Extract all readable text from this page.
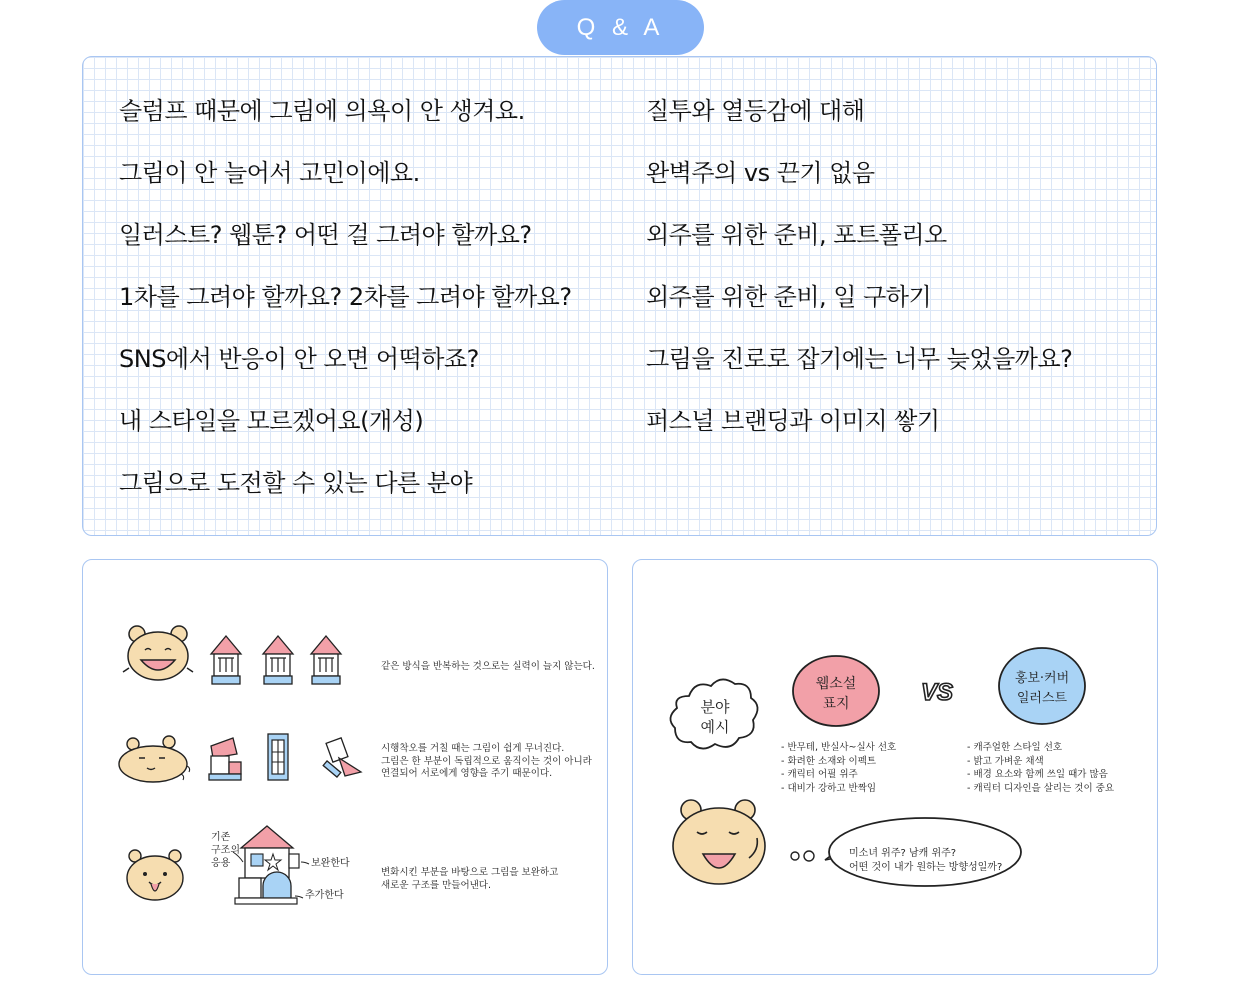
Q & A
슬럼프 때문에 그림에 의욕이 안 생겨요.
그림이 안 늘어서 고민이에요.
일러스트? 웹툰? 어떤 걸 그려야 할까요?
1차를 그려야 할까요? 2차를 그려야 할까요?
SNS에서 반응이 안 오면 어떡하죠?
내 스타일을 모르겠어요(개성)
그림으로 도전할 수 있는 다른 분야
질투와 열등감에 대해
완벽주의 vs 끈기 없음
외주를 위한 준비, 포트폴리오
외주를 위한 준비, 일 구하기
그림을 진로로 잡기에는 너무 늦었을까요?
퍼스널 브랜딩과 이미지 쌓기
같은 방식을 반복하는 것으로는 실력이 늘지 않는다.
시행착오를 거칠 때는 그림이 쉽게 무너진다.
그림은 한 부분이 독립적으로 움직이는 것이 아니라
연결되어 서로에게 영향을 주기 때문이다.
기존
구조의
응용	보완한다
추가한다
변화시킨 부분을 바탕으로 그림을 보완하고
새로운 구조를 만들어낸다.
분야
예시
웹소설
표지	VS
홍보·커버
일러스트
- 반무테, 반실사~실사 선호
- 화려한 소재와 이펙트
- 캐릭터 어필 위주
- 대비가 강하고 반짝임
- 캐주얼한 스타일 선호
- 밝고 가벼운 채색
- 배경 요소와 함께 쓰일 때가 많음
- 캐릭터 디자인을 살리는 것이 중요
미소녀 위주? 남캐 위주?
어떤 것이 내가 원하는 방향성일까?
